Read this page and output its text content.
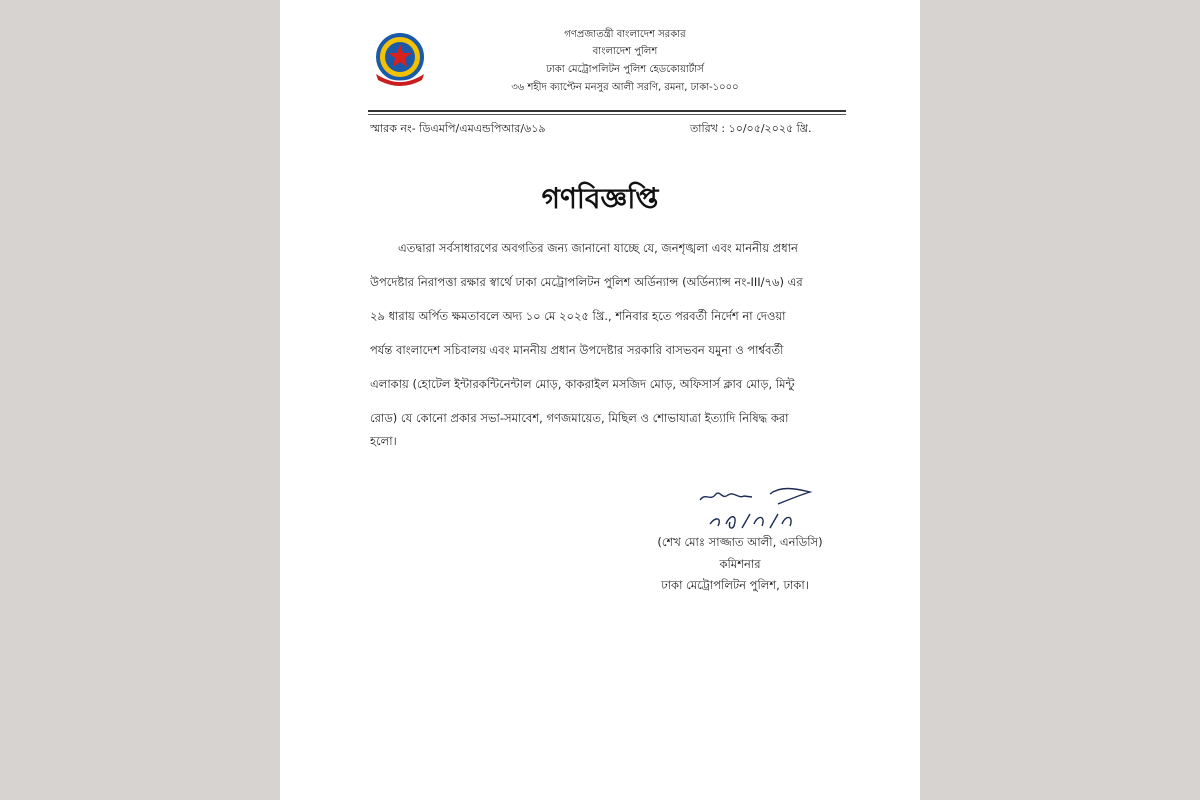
গণপ্রজাতন্ত্রী বাংলাদেশ সরকার
বাংলাদেশ পুলিশ
ঢাকা মেট্রোপলিটন পুলিশ হেডকোয়ার্টার্স
৩৬ শহীদ ক্যাপ্টেন মনসুর আলী সরণি, রমনা, ঢাকা-১০০০
স্মারক নং- ডিএমপি/এমএন্ডপিআর/৬১৯	তারিখ : ১০/০৫/২০২৫ খ্রি.
গণবিজ্ঞপ্তি
এতদ্বারা সর্বসাধারণের অবগতির জন্য জানানো যাচ্ছে যে, জনশৃঙ্খলা এবং মাননীয় প্রধান
উপদেষ্টার নিরাপত্তা রক্ষার স্বার্থে ঢাকা মেট্রোপলিটন পুলিশ অর্ডিন্যান্স (অর্ডিন্যান্স নং-III/৭৬) এর
২৯ ধারায় অর্পিত ক্ষমতাবলে অদ্য ১০ মে ২০২৫ খ্রি., শনিবার হতে পরবর্তী নির্দেশ না দেওয়া
পর্যন্ত বাংলাদেশ সচিবালয় এবং মাননীয় প্রধান উপদেষ্টার সরকারি বাসভবন যমুনা ও পার্শ্ববর্তী
এলাকায় (হোটেল ইন্টারকন্টিনেন্টাল মোড়, কাকরাইল মসজিদ মোড়, অফিসার্স ক্লাব মোড়, মিন্টু
রোড) যে কোনো প্রকার সভা-সমাবেশ, গণজমায়েত, মিছিল ও শোভাযাত্রা ইত্যাদি নিষিদ্ধ করা
হলো।
(শেখ মোঃ সাজ্জাত আলী, এনডিসি)
কমিশনার
ঢাকা মেট্রোপলিটন পুলিশ, ঢাকা।
